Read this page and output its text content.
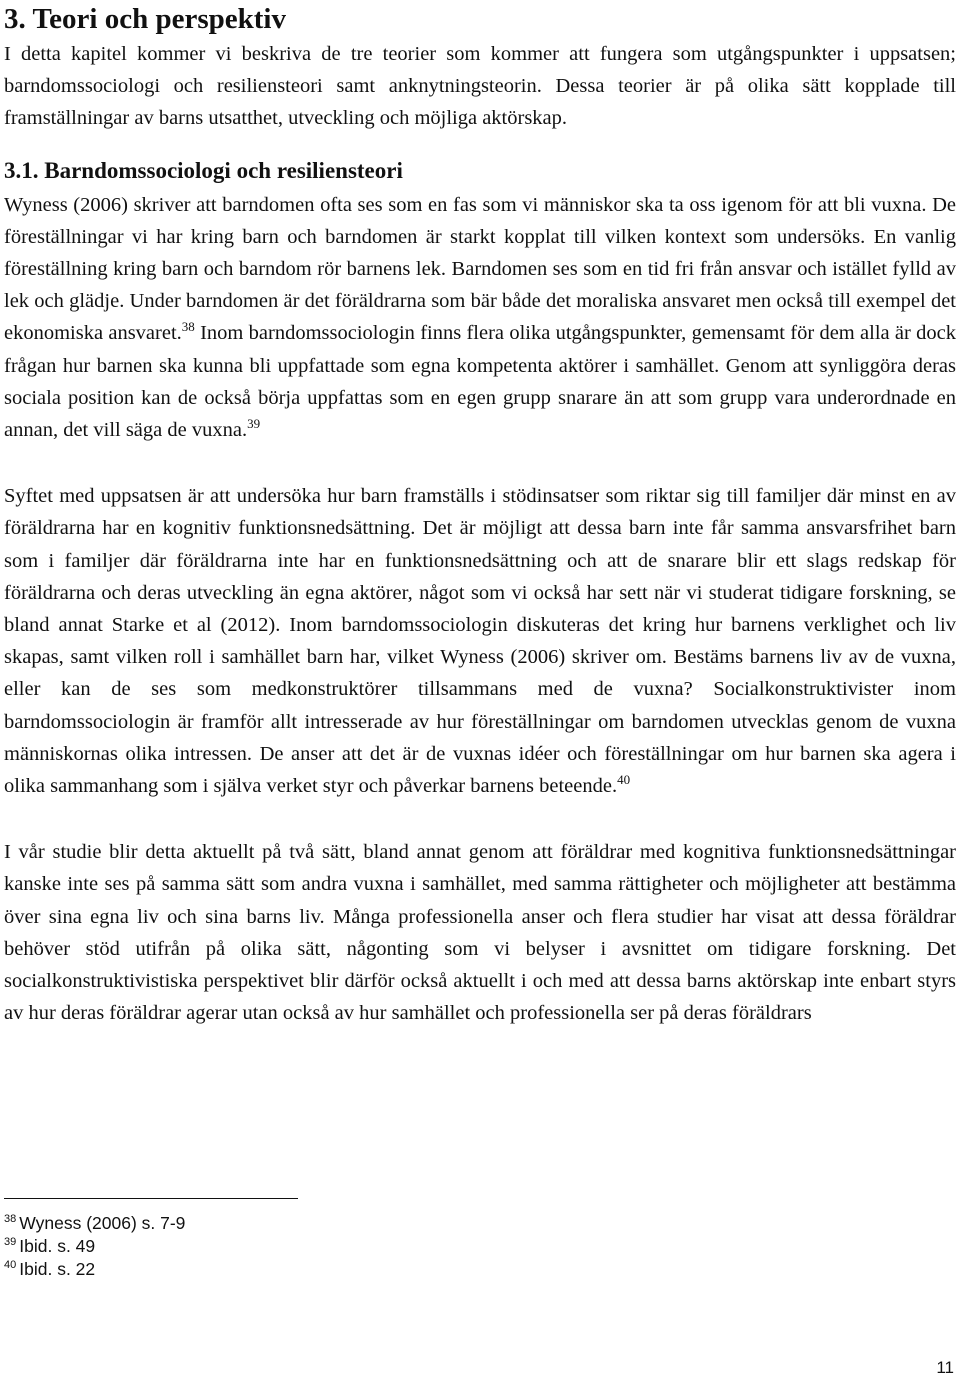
3. Teori och perspektiv

I detta kapitel kommer vi beskriva de tre teorier som kommer att fungera som utgångspunkter i uppsatsen; barndomssociologi och resiliensteori samt anknytningsteorin. Dessa teorier är på olika sätt kopplade till framställningar av barns utsatthet, utveckling och möjliga aktörskap.

3.1. Barndomssociologi och resiliensteori

Wyness (2006) skriver att barndomen ofta ses som en fas som vi människor ska ta oss igenom för att bli vuxna. De föreställningar vi har kring barn och barndomen är starkt kopplat till vilken kontext som undersöks. En vanlig föreställning kring barn och barndom rör barnens lek. Barndomen ses som en tid fri från ansvar och istället fylld av lek och glädje. Under barndomen är det föräldrarna som bär både det moraliska ansvaret men också till exempel det ekonomiska ansvaret.$^{38}$ Inom barndomssociologin finns flera olika utgångspunkter, gemensamt för dem alla är dock frågan hur barnen ska kunna bli uppfattade som egna kompetenta aktörer i samhället. Genom att synliggöra deras sociala position kan de också börja uppfattas som en egen grupp snarare än att som grupp vara underordnade en annan, det vill säga de vuxna.$^{39}$

Syftet med uppsatsen är att undersöka hur barn framställs i stödinsatser som riktar sig till familjer där minst en av föräldrarna har en kognitiv funktionsnedsättning. Det är möjligt att dessa barn inte får samma ansvarsfrihet barn som i familjer där föräldrarna inte har en funktionsnedsättning och att de snarare blir ett slags redskap för föräldrarna och deras utveckling än egna aktörer, något som vi också har sett när vi studerat tidigare forskning, se bland annat Starke et al (2012). Inom barndomssociologin diskuteras det kring hur barnens verklighet och liv skapas, samt vilken roll i samhället barn har, vilket Wyness (2006) skriver om. Bestäms barnens liv av de vuxna, eller kan de ses som medkonstruktörer tillsammans med de vuxna? Socialkonstruktivister inom barndomssociologin är framför allt intresserade av hur föreställningar om barndomen utvecklas genom de vuxna människornas olika intressen. De anser att det är de vuxnas idéer och föreställningar om hur barnen ska agera i olika sammanhang som i själva verket styr och påverkar barnens beteende.$^{40}$

I vår studie blir detta aktuellt på två sätt, bland annat genom att föräldrar med kognitiva funktionsnedsättningar kanske inte ses på samma sätt som andra vuxna i samhället, med samma rättigheter och möjligheter att bestämma över sina egna liv och sina barns liv. Många professionella anser och flera studier har visat att dessa föräldrar behöver stöd utifrån på olika sätt, någonting som vi belyser i avsnittet om tidigare forskning. Det socialkonstruktivistiska perspektivet blir därför också aktuellt i och med att dessa barns aktörskap inte enbart styrs av hur deras föräldrar agerar utan också av hur samhället och professionella ser på deras föräldrars

$^{38}$ Wyness (2006) s. 7-9
$^{39}$ Ibid. s. 49
$^{40}$ Ibid. s. 22
11
